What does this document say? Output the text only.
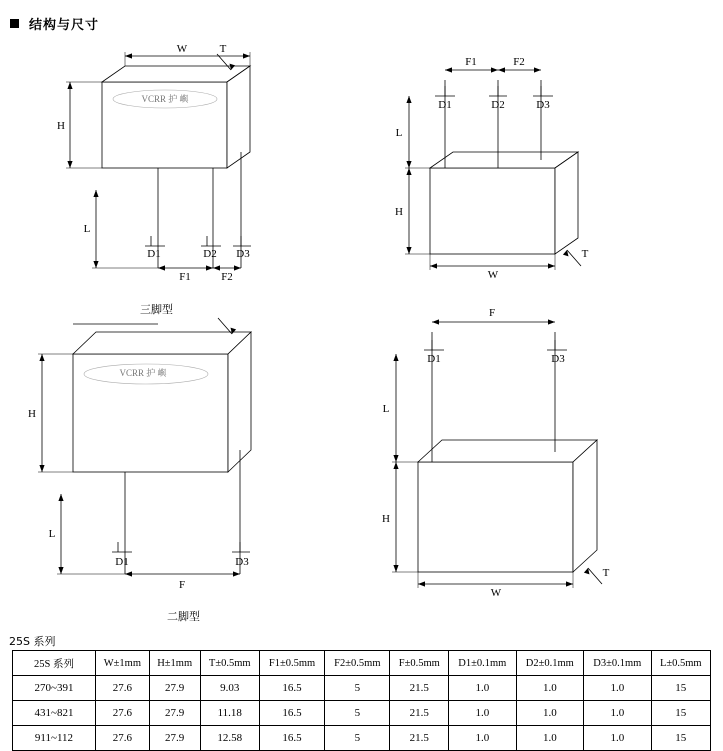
结构与尺寸
W	T
H
L
D1	D2 D3
F1	F2
VCRR 护 嶼
F1	F2
D1	D2	D3
L
H
W
T
H
L
D1	D3
F
VCRR 护 嶼
三脚型	F
D1	D3
L
H
W
T
二脚型
25S 系列
25S 系列	W±1mm	H±1mm	T±0.5mm	F1±0.5mm	F2±0.5mm	F±0.5mm	D1±0.1mm	D2±0.1mm	D3±0.1mm	L±0.5mm
270~391	27.6	27.9	9.03	16.5	5	21.5	1.0	1.0	1.0	15
431~821	27.6	27.9	11.18	16.5	5	21.5	1.0	1.0	1.0	15
911~112	27.6	27.9	12.58	16.5	5	21.5	1.0	1.0	1.0	15
